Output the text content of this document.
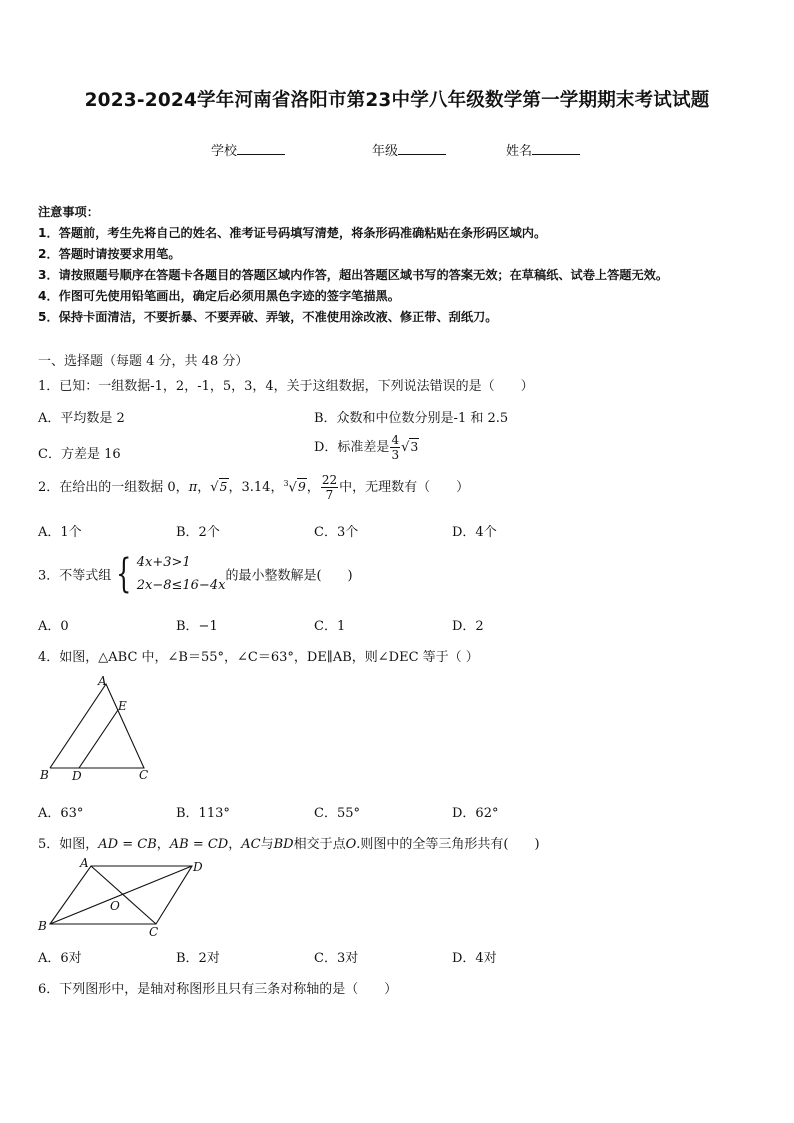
2023-2024学年河南省洛阳市第23中学八年级数学第一学期期末考试试题
学校	年级	姓名
注意事项：
1．答题前，考生先将自己的姓名、准考证号码填写清楚，将条形码准确粘贴在条形码区域内。
2．答题时请按要求用笔。
3．请按照题号顺序在答题卡各题目的答题区域内作答，超出答题区域书写的答案无效；在草稿纸、试卷上答题无效。
4．作图可先使用铅笔画出，确定后必须用黑色字迹的签字笔描黑。
5．保持卡面清洁，不要折暴、不要弄破、弄皱，不准使用涂改液、修正带、刮纸刀。
一、选择题（每题 4 分，共 48 分）
1．已知：一组数据-1，2，-1，5，3，4，关于这组数据，下列说法错误的是（　　）
A．平均数是 2	B．众数和中位数分别是-1 和 2.5
C．方差是 16	D．标准差是 $\frac{4}{3} √3$
2．在给出的一组数据 0，π，√5，3.14，$^3$√9， $\frac{22}{7}$ 中，无理数有（　　）
A．1个	B．2个	C．3个	D．4个
3．不等式组 { 4x+3>1
2x−8≤16−4x
的最小整数解是(　　)
A．0	B．−1	C．1	D．2
4．如图，△ABC 中，∠B＝55°，∠C＝63°，DE∥AB，则∠DEC 等于（ ）
A
E
B D	C
A．63°	B．113°	C．55°	D．62°
5．如图，AD = CB，AB = CD，AC与BD相交于点O.则图中的全等三角形共有(　　)
A	D
O
B	C
A．6对	B．2对	C．3对	D．4对
6．下列图形中，是轴对称图形且只有三条对称轴的是（　　）
